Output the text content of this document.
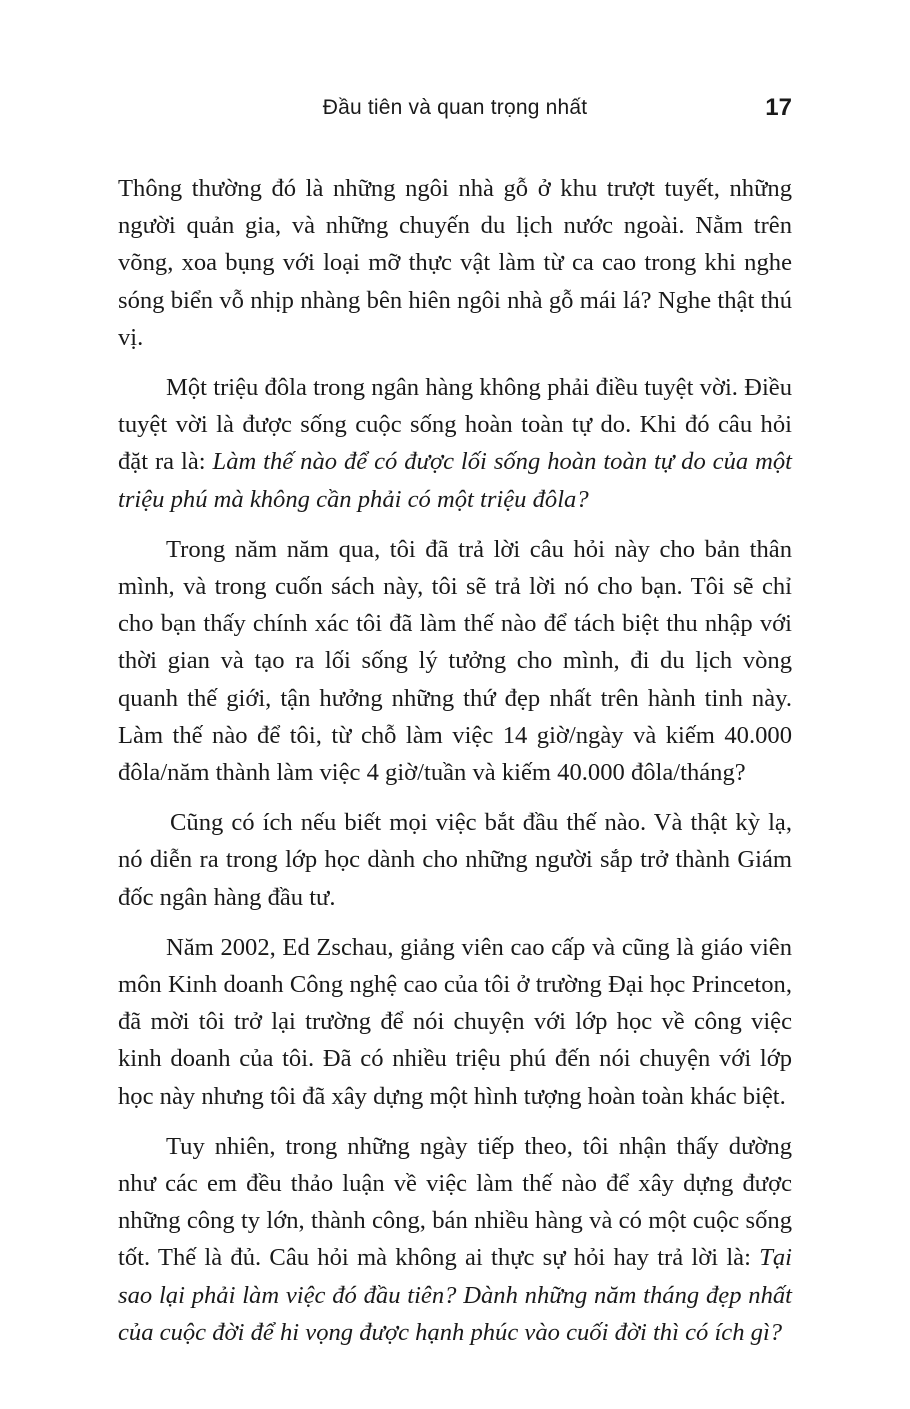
Đầu tiên và quan trọng nhất	17

Thông thường đó là những ngôi nhà gỗ ở khu trượt tuyết, những người quản gia, và những chuyến du lịch nước ngoài. Nằm trên võng, xoa bụng với loại mỡ thực vật làm từ ca cao trong khi nghe sóng biển vỗ nhịp nhàng bên hiên ngôi nhà gỗ mái lá? Nghe thật thú vị.

Một triệu đôla trong ngân hàng không phải điều tuyệt vời. Điều tuyệt vời là được sống cuộc sống hoàn toàn tự do. Khi đó câu hỏi đặt ra là: Làm thế nào để có được lối sống hoàn toàn tự do của một triệu phú mà không cần phải có một triệu đôla?

Trong năm năm qua, tôi đã trả lời câu hỏi này cho bản thân mình, và trong cuốn sách này, tôi sẽ trả lời nó cho bạn. Tôi sẽ chỉ cho bạn thấy chính xác tôi đã làm thế nào để tách biệt thu nhập với thời gian và tạo ra lối sống lý tưởng cho mình, đi du lịch vòng quanh thế giới, tận hưởng những thứ đẹp nhất trên hành tinh này. Làm thế nào để tôi, từ chỗ làm việc 14 giờ/ngày và kiếm 40.000 đôla/năm thành làm việc 4 giờ/tuần và kiếm 40.000 đôla/tháng?

Cũng có ích nếu biết mọi việc bắt đầu thế nào. Và thật kỳ lạ, nó diễn ra trong lớp học dành cho những người sắp trở thành Giám đốc ngân hàng đầu tư.

Năm 2002, Ed Zschau, giảng viên cao cấp và cũng là giáo viên môn Kinh doanh Công nghệ cao của tôi ở trường Đại học Princeton, đã mời tôi trở lại trường để nói chuyện với lớp học về công việc kinh doanh của tôi. Đã có nhiều triệu phú đến nói chuyện với lớp học này nhưng tôi đã xây dựng một hình tượng hoàn toàn khác biệt.

Tuy nhiên, trong những ngày tiếp theo, tôi nhận thấy dường như các em đều thảo luận về việc làm thế nào để xây dựng được những công ty lớn, thành công, bán nhiều hàng và có một cuộc sống tốt. Thế là đủ. Câu hỏi mà không ai thực sự hỏi hay trả lời là: Tại sao lại phải làm việc đó đầu tiên? Dành những năm tháng đẹp nhất của cuộc đời để hi vọng được hạnh phúc vào cuối đời thì có ích gì?
